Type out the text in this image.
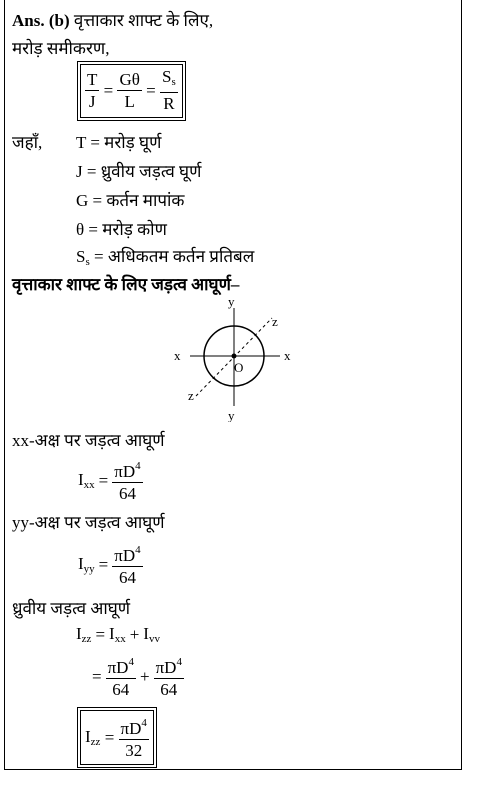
Ans. (b) वृत्ताकार शाफ्ट के लिए,
मरोड़ समीकरण,
$\frac{T}{J} = \frac{G\theta}{L} = \frac{S_s}{R}$
जहाँ, T = मरोड़ घूर्ण
J = ध्रुवीय जड़त्व घूर्ण
G = कर्तन मापांक
θ = मरोड़ कोण
$S_s$ = अधिकतम कर्तन प्रतिबल
वृत्ताकार शाफ्ट के लिए जड़त्व आघूर्ण–
x	x
y
y
z
z
O
xx-अक्ष पर जड़त्व आघूर्ण
$I_{xx} = \frac{\pi D^4}{64}$
yy-अक्ष पर जड़त्व आघूर्ण
$I_{yy} = \frac{\pi D^4}{64}$
ध्रुवीय जड़त्व आघूर्ण
$I_{zz} = I_{xx} + I_{vv}$
= $\frac{\pi D^4}{64} + \frac{\pi D^4}{64}$
$I_{zz} = \frac{\pi D^4}{32}$
